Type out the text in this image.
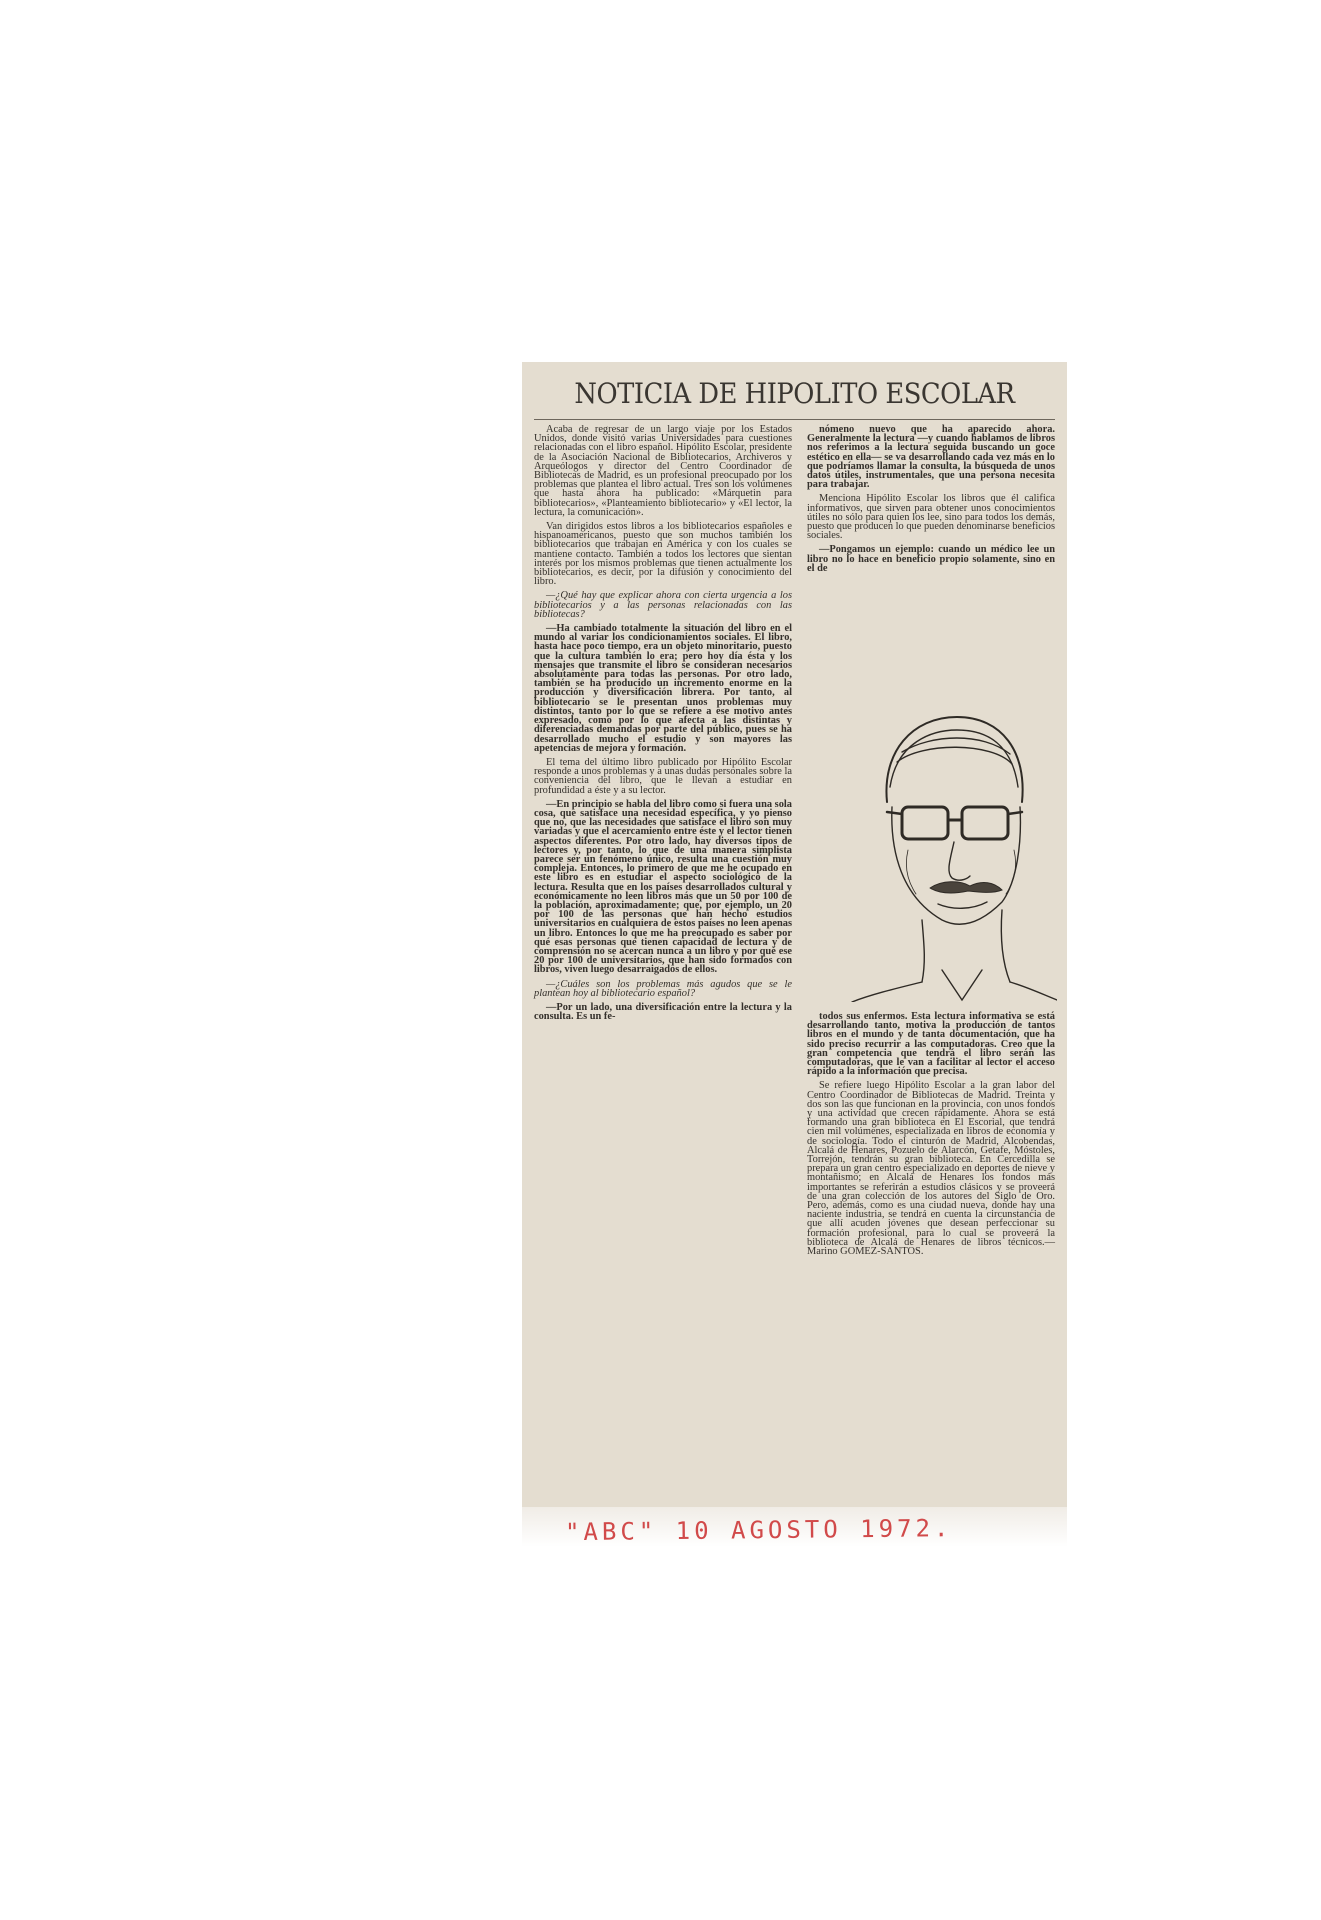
NOTICIA DE HIPOLITO ESCOLAR

Acaba de regresar de un largo viaje por los Estados Unidos, donde visitó varias Universidades para cuestiones relacionadas con el libro español. Hipólito Escolar, presidente de la Asociación Nacional de Bibliotecarios, Archiveros y Arqueólogos y director del Centro Coordinador de Bibliotecas de Madrid, es un profesional preocupado por los problemas que plantea el libro actual. Tres son los volúmenes que hasta ahora ha publicado: «Márquetin para bibliotecarios», «Planteamiento bibliotecario» y «El lector, la lectura, la comunicación».

Van dirigidos estos libros a los bibliotecarios españoles e hispanoamericanos, puesto que son muchos también los bibliotecarios que trabajan en América y con los cuales se mantiene contacto. También a todos los lectores que sientan interés por los mismos problemas que tienen actualmente los bibliotecarios, es decir, por la difusión y conocimiento del libro.

—¿Qué hay que explicar ahora con cierta urgencia a los bibliotecarios y a las personas relacionadas con las bibliotecas?

—Ha cambiado totalmente la situación del libro en el mundo al variar los condicionamientos sociales. El libro, hasta hace poco tiempo, era un objeto minoritario, puesto que la cultura también lo era; pero hoy día ésta y los mensajes que transmite el libro se consideran necesarios absolutamente para todas las personas. Por otro lado, también se ha producido un incremento enorme en la producción y diversificación librera. Por tanto, al bibliotecario se le presentan unos problemas muy distintos, tanto por lo que se refiere a ese motivo antes expresado, como por lo que afecta a las distintas y diferenciadas demandas por parte del público, pues se ha desarrollado mucho el estudio y son mayores las apetencias de mejora y formación.

El tema del último libro publicado por Hipólito Escolar responde a unos problemas y a unas dudas personales sobre la conveniencia del libro, que le llevan a estudiar en profundidad a éste y a su lector.

—En principio se habla del libro como si fuera una sola cosa, que satisface una necesidad específica, y yo pienso que no, que las necesidades que satisface el libro son muy variadas y que el acercamiento entre éste y el lector tienen aspectos diferentes. Por otro lado, hay diversos tipos de lectores y, por tanto, lo que de una manera simplista parece ser un fenómeno único, resulta una cuestión muy compleja. Entonces, lo primero de que me he ocupado en este libro es en estudiar el aspecto sociológico de la lectura. Resulta que en los países desarrollados cultural y económicamente no leen libros más que un 50 por 100 de la población, aproximadamente; que, por ejemplo, un 20 por 100 de las personas que han hecho estudios universitarios en cualquiera de estos países no leen apenas un libro. Entonces lo que me ha preocupado es saber por qué esas personas que tienen capacidad de lectura y de comprensión no se acercan nunca a un libro y por qué ese 20 por 100 de universitarios, que han sido formados con libros, viven luego desarraigados de ellos.

—¿Cuáles son los problemas más agudos que se le plantean hoy al bibliotecario español?

—Por un lado, una diversificación entre la lectura y la consulta. Es un fe-

nómeno nuevo que ha aparecido ahora. Generalmente la lectura —y cuando hablamos de libros nos referimos a la lectura seguida buscando un goce estético en ella— se va desarrollando cada vez más en lo que podríamos llamar la consulta, la búsqueda de unos datos útiles, instrumentales, que una persona necesita para trabajar.

Menciona Hipólito Escolar los libros que él califica informativos, que sirven para obtener unos conocimientos útiles no sólo para quien los lee, sino para todos los demás, puesto que producen lo que pueden denominarse beneficios sociales.

—Pongamos un ejemplo: cuando un médico lee un libro no lo hace en beneficio propio solamente, sino en el de

todos sus enfermos. Esta lectura informativa se está desarrollando tanto, motiva la producción de tantos libros en el mundo y de tanta documentación, que ha sido preciso recurrir a las computadoras. Creo que la gran competencia que tendrá el libro serán las computadoras, que le van a facilitar al lector el acceso rápido a la información que precisa.

Se refiere luego Hipólito Escolar a la gran labor del Centro Coordinador de Bibliotecas de Madrid. Treinta y dos son las que funcionan en la provincia, con unos fondos y una actividad que crecen rápidamente. Ahora se está formando una gran biblioteca en El Escorial, que tendrá cien mil volúmenes, especializada en libros de economía y de sociología. Todo el cinturón de Madrid, Alcobendas, Alcalá de Henares, Pozuelo de Alarcón, Getafe, Móstoles, Torrejón, tendrán su gran biblioteca. En Cercedilla se prepara un gran centro especializado en deportes de nieve y montañismo; en Alcalá de Henares los fondos más importantes se referirán a estudios clásicos y se proveerá de una gran colección de los autores del Siglo de Oro. Pero, además, como es una ciudad nueva, donde hay una naciente industria, se tendrá en cuenta la circunstancia de que allí acuden jóvenes que desean perfeccionar su formación profesional, para lo cual se proveerá la biblioteca de Alcalá de Henares de libros técnicos.—Marino GOMEZ-SANTOS.

"ABC" 10 AGOSTO 1972.
